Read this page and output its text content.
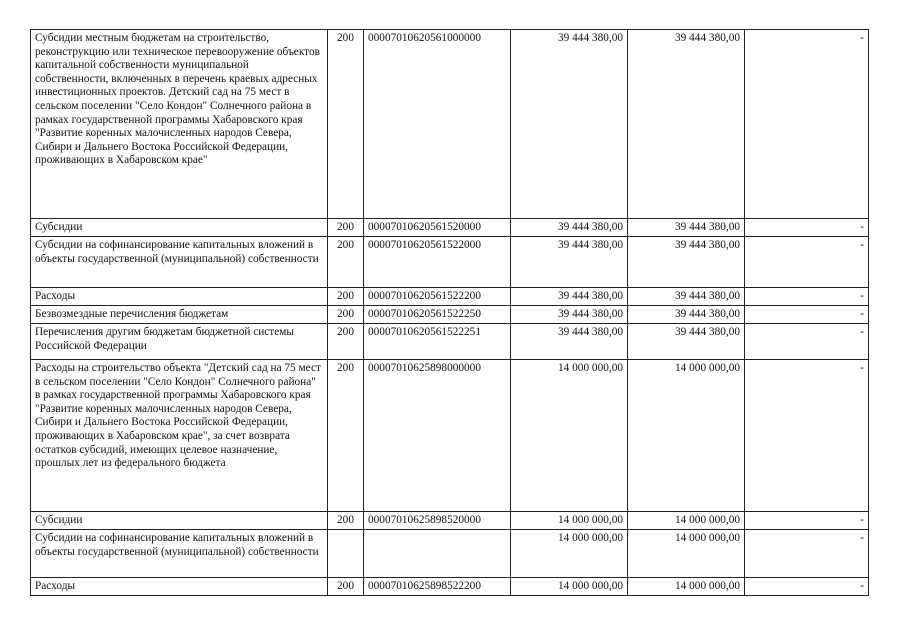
Субсидии местным бюджетам на строительство, реконструкцию или техническое перевооружение объектов капитальной собственности муниципальной собственности, включенных в перечень краевых адресных инвестиционных проектов. Детский сад на 75 мест в сельском поселении "Село Кондон" Солнечного района в рамках государственной программы Хабаровского края "Развитие коренных малочисленных народов Севера, Сибири и Дальнего Востока Российской Федерации, проживающих в Хабаровском крае"	200	00007010620561000000	39 444 380,00	39 444 380,00	-
Субсидии	200	00007010620561520000	39 444 380,00	39 444 380,00	-
Субсидии на софинансирование капитальных вложений в объекты государственной (муниципальной) собственности	200	00007010620561522000	39 444 380,00	39 444 380,00	-
Расходы	200	00007010620561522200	39 444 380,00	39 444 380,00	-
Безвозмездные перечисления бюджетам	200	00007010620561522250	39 444 380,00	39 444 380,00	-
Перечисления другим бюджетам бюджетной системы Российской Федерации	200	00007010620561522251	39 444 380,00	39 444 380,00	-
Расходы на строительство объекта "Детский сад на 75 мест в сельском поселении "Село Кондон" Солнечного района" в рамках государственной программы Хабаровского края "Развитие коренных малочисленных народов Севера, Сибири и Дальнего Востока Российской Федерации, проживающих в Хабаровском крае", за счет возврата остатков субсидий, имеющих целевое назначение, прошлых лет из федерального бюджета	200	00007010625898000000	14 000 000,00	14 000 000,00	-
Субсидии	200	00007010625898520000	14 000 000,00	14 000 000,00	-
Субсидии на софинансирование капитальных вложений в объекты государственной (муниципальной) собственности			14 000 000,00	14 000 000,00	-
Расходы	200	00007010625898522200	14 000 000,00	14 000 000,00	-
